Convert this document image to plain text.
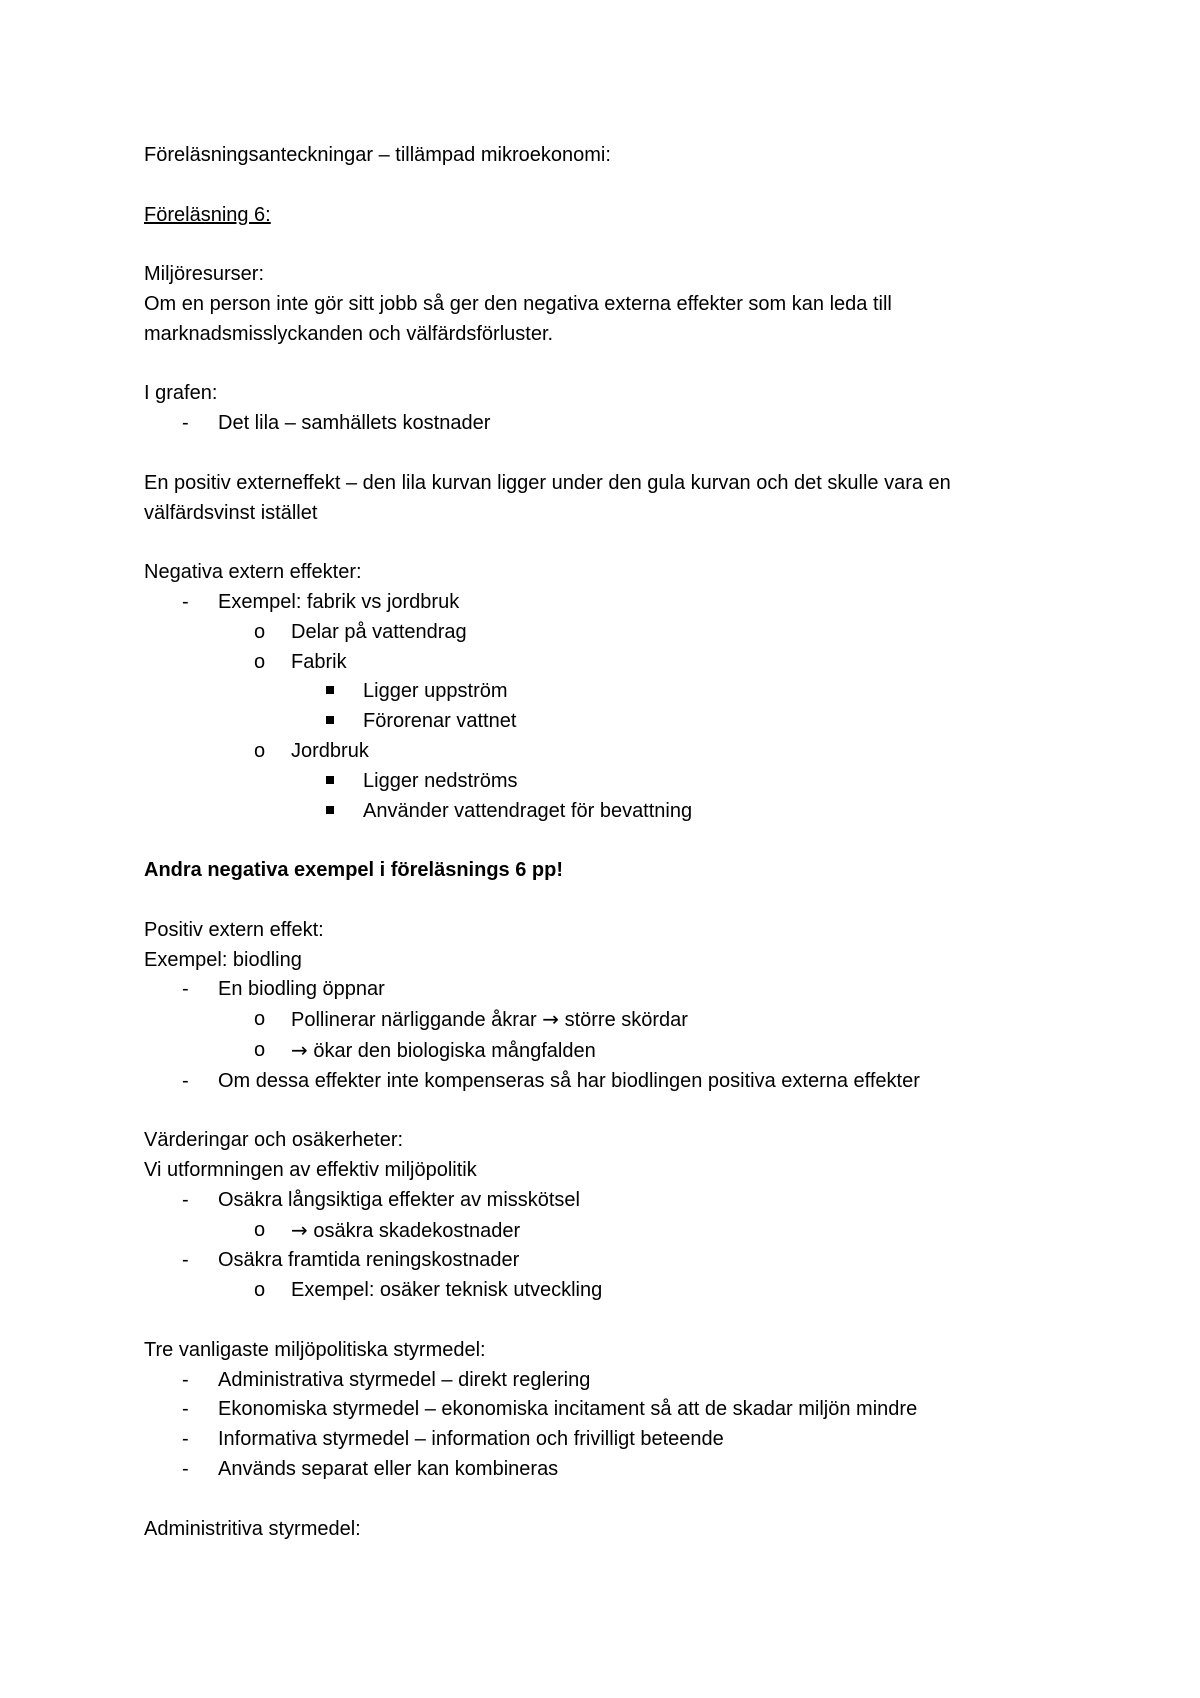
Föreläsningsanteckningar – tillämpad mikroekonomi:
Föreläsning 6:
Miljöresurser:
Om en person inte gör sitt jobb så ger den negativa externa effekter som kan leda till
marknadsmisslyckanden och välfärdsförluster.
I grafen:
- Det lila – samhällets kostnader
En positiv externeffekt – den lila kurvan ligger under den gula kurvan och det skulle vara en
välfärdsvinst istället
Negativa extern effekter:
- Exempel: fabrik vs jordbruk
o Delar på vattendrag
o Fabrik
Ligger uppström
Förorenar vattnet
o Jordbruk
Ligger nedströms
Använder vattendraget för bevattning
Andra negativa exempel i föreläsnings 6 pp!
Positiv extern effekt:
Exempel: biodling
- En biodling öppnar
o Pollinerar närliggande åkrar → större skördar
o → ökar den biologiska mångfalden
- Om dessa effekter inte kompenseras så har biodlingen positiva externa effekter
Värderingar och osäkerheter:
Vi utformningen av effektiv miljöpolitik
- Osäkra långsiktiga effekter av misskötsel
o → osäkra skadekostnader
- Osäkra framtida reningskostnader
o Exempel: osäker teknisk utveckling
Tre vanligaste miljöpolitiska styrmedel:
- Administrativa styrmedel – direkt reglering
- Ekonomiska styrmedel – ekonomiska incitament så att de skadar miljön mindre
- Informativa styrmedel – information och frivilligt beteende
- Används separat eller kan kombineras
Administritiva styrmedel:
